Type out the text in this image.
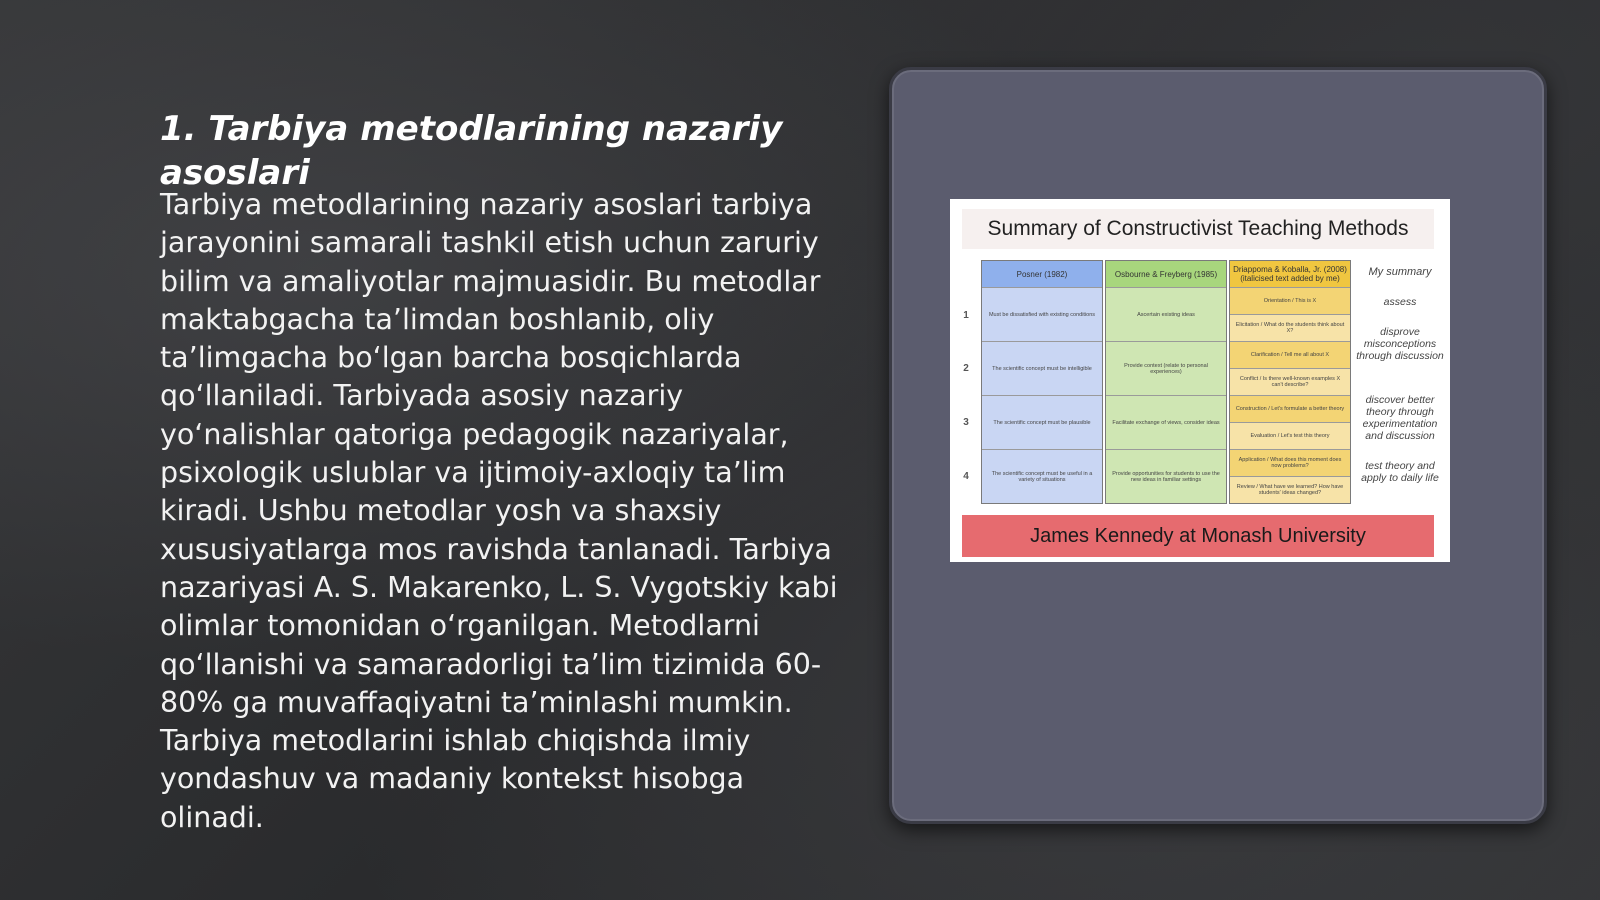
1. Tarbiya metodlarining nazariy asoslari

Tarbiya metodlarining nazariy asoslari tarbiya jarayonini samarali tashkil etish uchun zaruriy bilim va amaliyotlar majmuasidir. Bu metodlar maktabgacha ta’limdan boshlanib, oliy ta’limgacha bo‘lgan barcha bosqichlarda qo‘llaniladi. Tarbiyada asosiy nazariy yo‘nalishlar qatoriga pedagogik nazariyalar, psixologik uslublar va ijtimoiy-axloqiy ta’lim kiradi. Ushbu metodlar yosh va shaxsiy xususiyatlarga mos ravishda tanlanadi. Tarbiya nazariyasi A. S. Makarenko, L. S. Vygotskiy kabi olimlar tomonidan o‘rganilgan. Metodlarni qo‘llanishi va samaradorligi ta’lim tizimida 60-80% ga muvaffaqiyatni ta’minlashi mumkin. Tarbiya metodlarini ishlab chiqishda ilmiy yondashuv va madaniy kontekst hisobga olinadi.

Summary of Constructivist Teaching Methods
1
2
3
4
Posner (1982)
Must be dissatisfied with existing conditions
The scientific concept must be intelligible
The scientific concept must be plausible
The scientific concept must be useful in a variety of situations
Osbourne & Freyberg (1985)
Ascertain existing ideas
Provide context (relate to personal experiences)
Facilitate exchange of views, consider ideas
Provide opportunities for students to use the new ideas in familiar settings
Driappoma & Koballa, Jr. (2008) (italicised text added by me)
Orientation / This is X
Elicitation / What do the students think about X?
Clarification / Tell me all about X
Conflict / Is there well-known examples X can't describe?
Construction / Let's formulate a better theory
Evaluation / Let's test this theory
Application / What does this moment does now problems?
Review / What have we learned? How have students' ideas changed?
My summary
assess
disprove misconceptions through discussion
discover better theory through experimentation and discussion
test theory and apply to daily life
James Kennedy at Monash University
